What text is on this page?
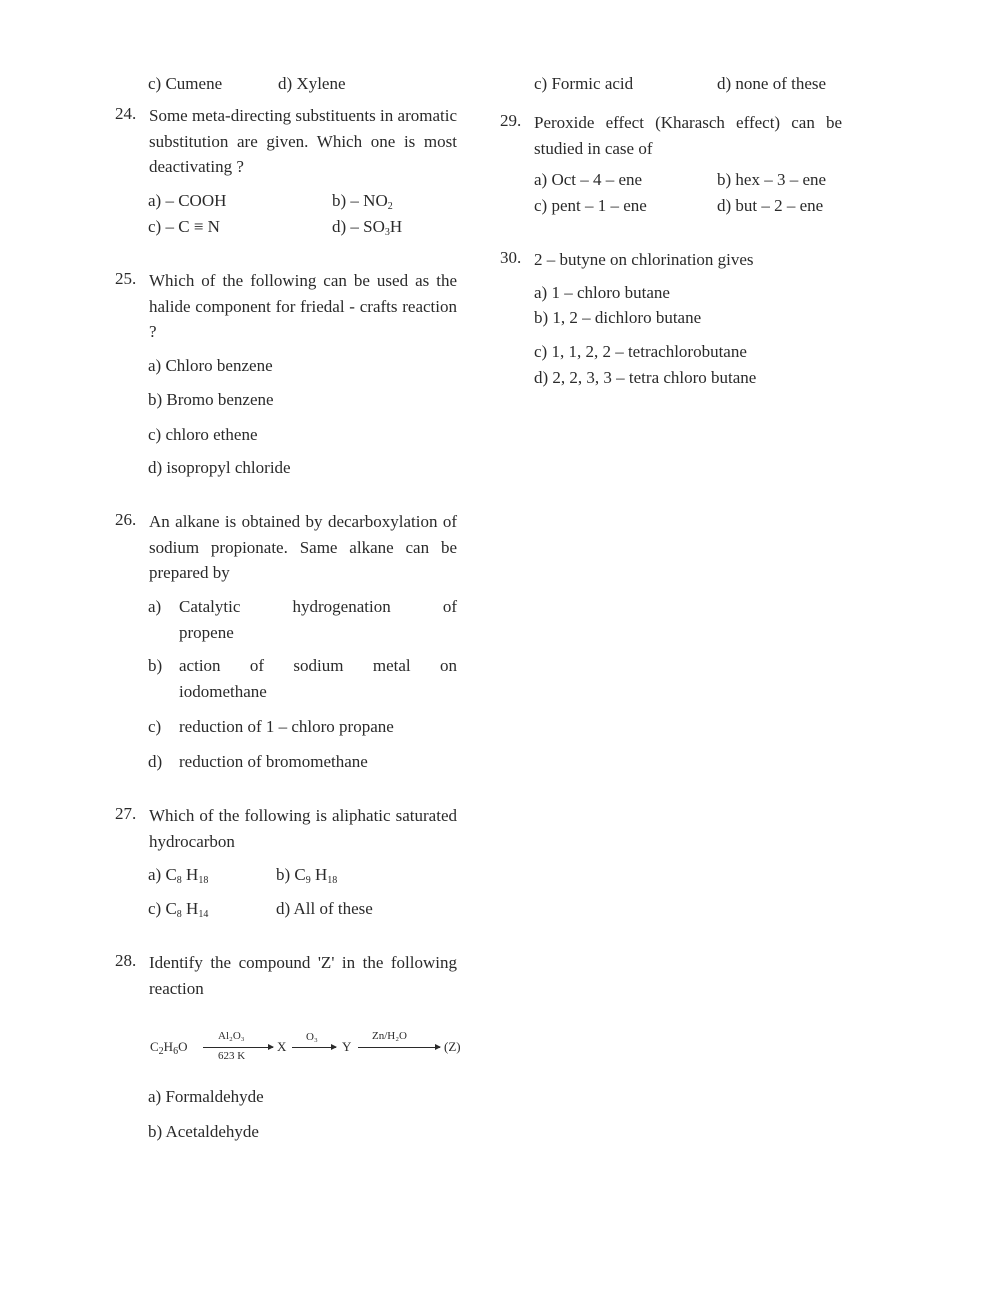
c) Cumene	d) Xylene
24. Some meta-directing substituents in aromatic substitution are given. Which one is most deactivating ?
a) – COOH	$b) - NO_2$
c) – C ≡ N	$d) - SO_3H$
25. Which of the following can be used as the halide component for friedal - crafts reaction ?
a) Chloro benzene
b) Bromo benzene
c) chloro ethene
d) isopropyl chloride
26. An alkane is obtained by decarboxylation of sodium propionate. Same alkane can be prepared by
a) Catalytic hydrogenation of
propene
b) action of sodium metal on
iodomethane
c) reduction of 1 – chloro propane
d) reduction of bromomethane
27. Which of the following is aliphatic saturated hydrocarbon
a) $C_8$ $H_{18}$	b) $C_9$ $H_{18}$
c) $C_8$ $H_{14}$	d) All of these
28. Identify the compound 'Z' in the following reaction
$C_2H_6O$
Al₂O₃
623 K
X
O₃
→ Y
Zn/H₂O
(Z)
a) Formaldehyde
b) Acetaldehyde
c) Formic acid	d) none of these
29. Peroxide effect (Kharasch effect) can be studied in case of
a) Oct – 4 – ene	b) hex – 3 – ene
c) pent – 1 – ene	d) but – 2 – ene
30. 2 – butyne on chlorination gives
a) 1 – chloro butane
b) 1, 2 – dichloro butane
c) 1, 1, 2, 2 – tetrachlorobutane
d) 2, 2, 3, 3 – tetra chloro butane
